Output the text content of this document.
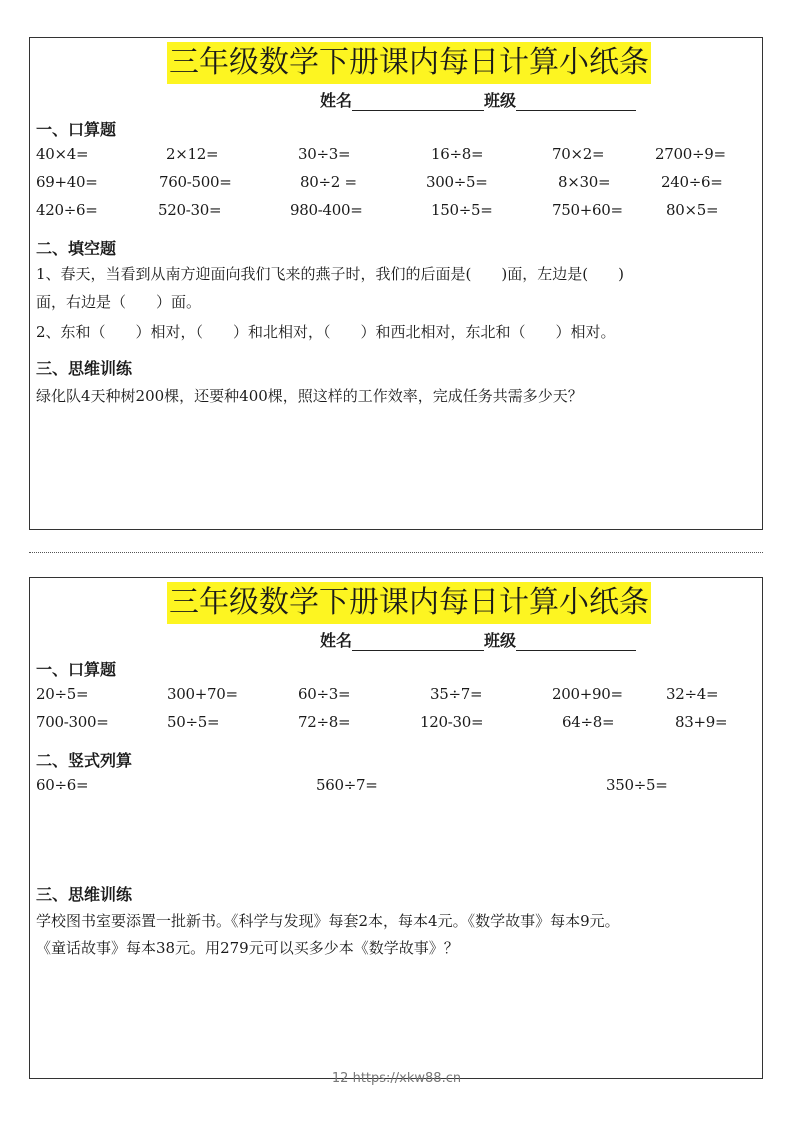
三年级数学下册课内每日计算小纸条
姓名	班级
一、口算题
40×4=	2×12=	30÷3=	16÷8=	70×2=	2700÷9=
69+40=	760-500=	80÷2 =	300÷5=	8×30=	240÷6=
420÷6=	520-30=	980-400=	150÷5=	750+60=	80×5=
二、填空题
1、春天，当看到从南方迎面向我们飞来的燕子时，我们的后面是(　　)面，左边是(　　)
面，右边是（　　）面。
2、东和（　　）相对，（　　）和北相对，（　　）和西北相对，东北和（　　）相对。
三、思维训练
绿化队4天种树200棵，还要种400棵，照这样的工作效率，完成任务共需多少天？
三年级数学下册课内每日计算小纸条
姓名	班级
一、口算题
20÷5=	300+70=	60÷3=	35÷7=	200+90=	32÷4=
700-300=	50÷5=	72÷8=	120-30=	64÷8=	83+9=
二、竖式列算
60÷6=	560÷7=	350÷5=
三、思维训练
学校图书室要添置一批新书。《科学与发现》每套2本，每本4元。《数学故事》每本9元。
《童话故事》每本38元。用279元可以买多少本《数学故事》？
12 https://xkw88.cn
